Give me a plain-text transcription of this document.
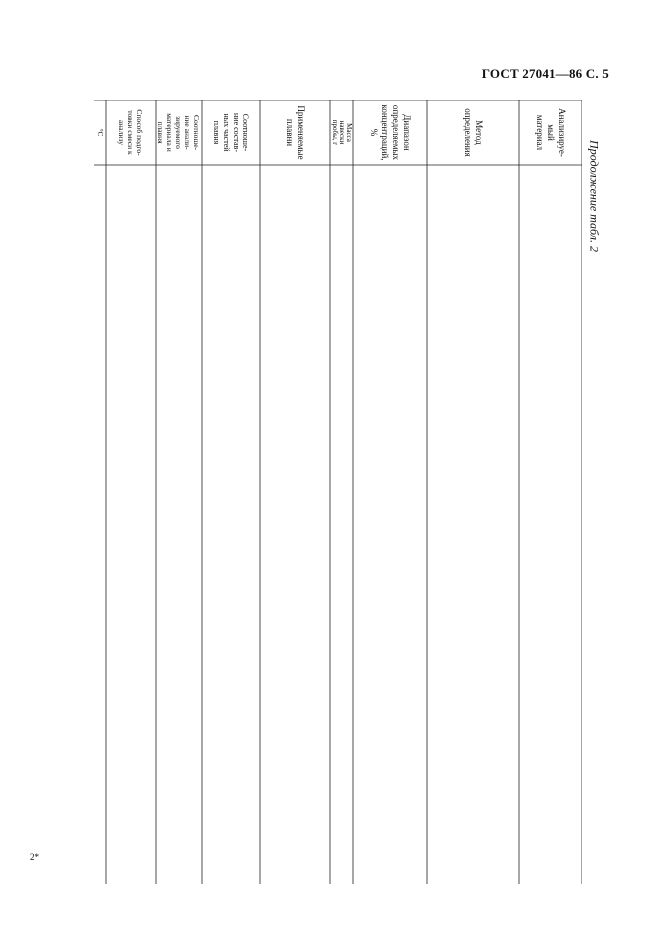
ГОСТ 27041—86 С. 5
Продолжение табл. 2
2*
Анализируе-
мый
материал
Метод
определения
Диапазон
определяемых
концентраций, %
Масса
навески
пробы, г
Применяемые
плавни
Соотноше-
ние состав-
ных частей
плавня
Соотноше-
ние анали-
зируемого
материала и
плавня
Способ подго-
товки смеси к
анализу
°С
